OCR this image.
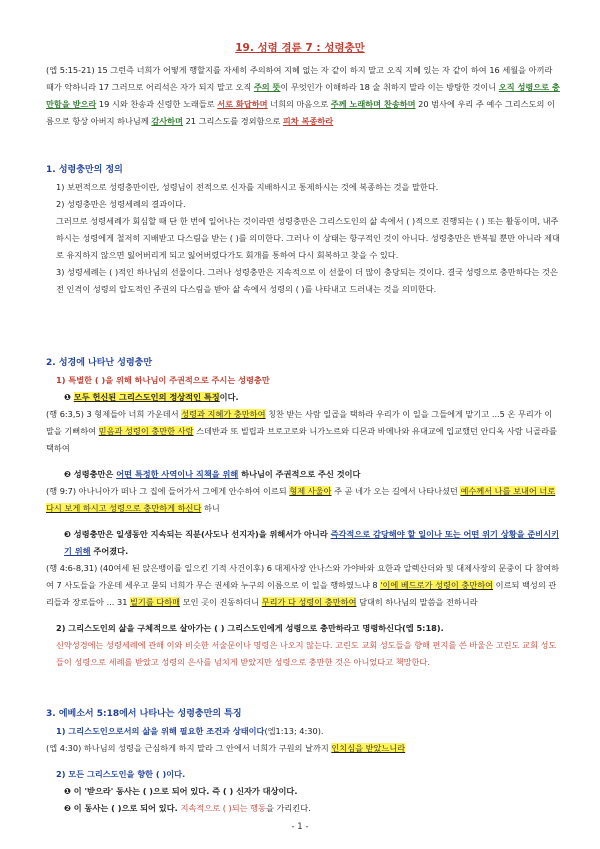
19. 성령 경륜 7 : 성령충만
(엡 5:15-21) 15 그런즉 너희가 어떻게 행할지를 자세히 주의하여 지혜 없는 자 같이 하지 말고 오직 지혜 있는 자 같이 하여 16 세월을 아끼라 때가 악하니라 17 그러므로 어리석은 자가 되지 말고 오직 주의 뜻이 무엇인가 이해하라 18 술 취하지 말라 이는 방탕한 것이니 오직 성령으로 충만함을 받으라 19 시와 찬송과 신령한 노래들로 서로 화답하며 너희의 마음으로 주께 노래하며 찬송하며 20 범사에 우리 주 예수 그리스도의 이름으로 항상 아버지 하나님께 감사하며 21 그리스도를 경외함으로 피차 복종하라
1. 성령충만의 정의
1) 보편적으로 성령충만이란, 성령님이 전적으로 신자를 지배하시고 통제하시는 것에 복종하는 것을 말한다.
2) 성령충만은 성령세례의 결과이다.
그러므로 성령세례가 회심할 때 단 한 번에 일어나는 것이라면 성령충만은 그리스도인의 삶 속에서 ( )적으로 진행되는 ( ) 또는 활동이며, 내주하시는 성령에게 철저히 지배받고 다스림을 받는 ( )를 의미한다. 그러나 이 상태는 항구적인 것이 아니다. 성령충만은 반복될 뿐만 아니라 제대로 유지하지 않으면 잃어버리게 되고 잃어버렸다가도 회개를 통하여 다시 회복하고 찾을 수 있다.
3) 성령세례는 ( )적인 하나님의 선물이다. 그러나 성령충만은 지속적으로 이 선물이 더 많이 충당되는 것이다. 결국 성령으로 충만하다는 것은 전 인격이 성령의 압도적인 주권의 다스림을 받아 삶 속에서 성령의 ( )를 나타내고 드러내는 것을 의미한다.
2. 성경에 나타난 성령충만
1) 특별한 ( )을 위해 하나님이 주권적으로 주시는 성령충만
❶ 모두 헌신된 그리스도인의 정상적인 특징이다.
(행 6:3,5) 3 형제들아 너희 가운데서 성령과 지혜가 충만하여 칭찬 받는 사람 일곱을 택하라 우리가 이 일을 그들에게 맡기고 ...5 온 무리가 이 말을 기뻐하여 믿음과 성령이 충만한 사람 스데반과 또 빌립과 브로고로와 니가노르와 디몬과 바메나와 유대교에 입교했던 안디옥 사람 니골라를 택하여
❷ 성령충만은 어떤 특정한 사역이나 직책을 위해 하나님이 주권적으로 주신 것이다
(행 9:7) 아나니아가 떠나 그 집에 들어가서 그에게 안수하여 이르되 형제 사울아 주 곧 네가 오는 길에서 나타나셨던 예수께서 나를 보내어 너로 다시 보게 하시고 성령으로 충만하게 하신다 하니
❸ 성령충만은 일생동안 지속되는 직분(사도나 선지자)을 위해서가 아니라 즉각적으로 감당해야 할 일이나 또는 어떤 위기 상황을 준비시키기 위해 주어졌다.
(행 4:6-8,31) (40여세 된 앉은뱅이를 일으킨 기적 사건이후) 6 대제사장 안나스와 가야바와 요한과 알렉산더와 및 대제사장의 문중이 다 참여하여 7 사도들을 가운데 세우고 묻되 너희가 무슨 권세와 누구의 이름으로 이 일을 행하였느냐 8 '이에 베드로가 성령이 충만하여 이르되 백성의 관리들과 장로들아 ... 31 빌기를 다하매 모인 곳이 진동하더니 무리가 다 성령이 충만하여 담대히 하나님의 말씀을 전하니라
2) 그리스도인의 삶을 구체적으로 살아가는 ( ) 그리스도인에게 성령으로 충만하라고 명령하신다(엡 5:18).
신약성경에는 성령세례에 관해 이와 비슷한 서술문이나 명령은 나오지 않는다. 고린도 교회 성도들을 향해 편지를 쓴 바울은 고린도 교회 성도들이 성령으로 세례를 받았고 성령의 은사를 넘치게 받았지만 성령으로 충만한 것은 아니었다고 책망한다.
3. 에베소서 5:18에서 나타나는 성령충만의 특징
1) 그리스도인으로서의 삶을 위해 필요한 조건과 상태이다(엡1:13; 4:30).
(엡 4:30) 하나님의 성령을 근심하게 하지 말라 그 안에서 너희가 구원의 날까지 인치심을 받았느니라
2) 모든 그리스도인을 향한 ( )이다.
❶ 이 '받으라' 동사는 ( )으로 되어 있다. 즉 ( ) 신자가 대상이다.
❷ 이 동사는 ( )으로 되어 있다. 지속적으로 ( )되는 행동을 가리킨다.
- 1 -
